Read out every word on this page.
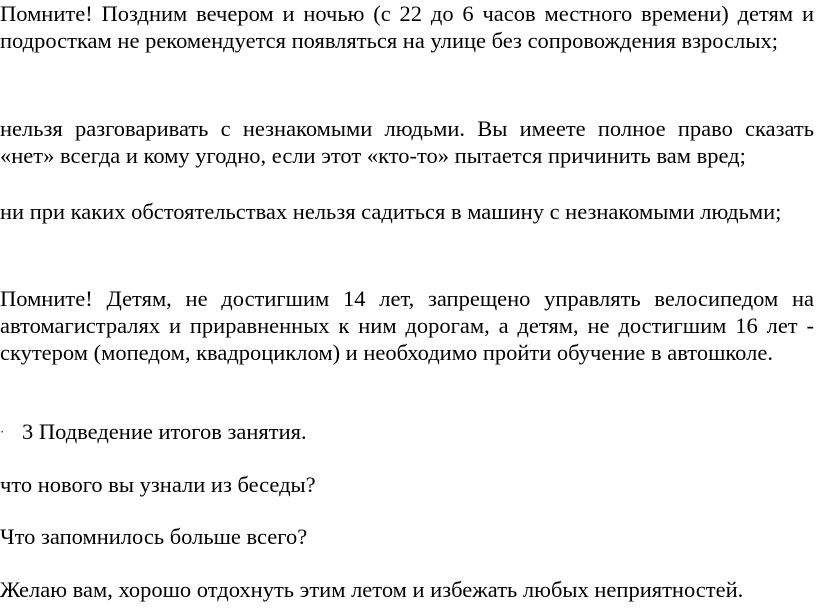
Помните! Поздним вечером и ночью (с 22 до 6 часов местного времени) детям и подросткам не рекомендуется появляться на улице без сопровождения взрослых;

нельзя разговаривать с незнакомыми людьми. Вы имеете полное право сказать «нет» всегда и кому угодно, если этот «кто-то» пытается причинить вам вред;

ни при каких обстоятельствах нельзя садиться в машину с незнакомыми людьми;

Помните! Детям, не достигшим 14 лет, запрещено управлять велосипедом на автомагистралях и приравненных к ним дорогам, а детям, не достигшим 16 лет - скутером (мопедом, квадроциклом) и необходимо пройти обучение в автошколе.

· 3 Подведение итогов занятия.

что нового вы узнали из беседы?

Что запомнилось больше всего?

Желаю вам, хорошо отдохнуть этим летом и избежать любых неприятностей.
